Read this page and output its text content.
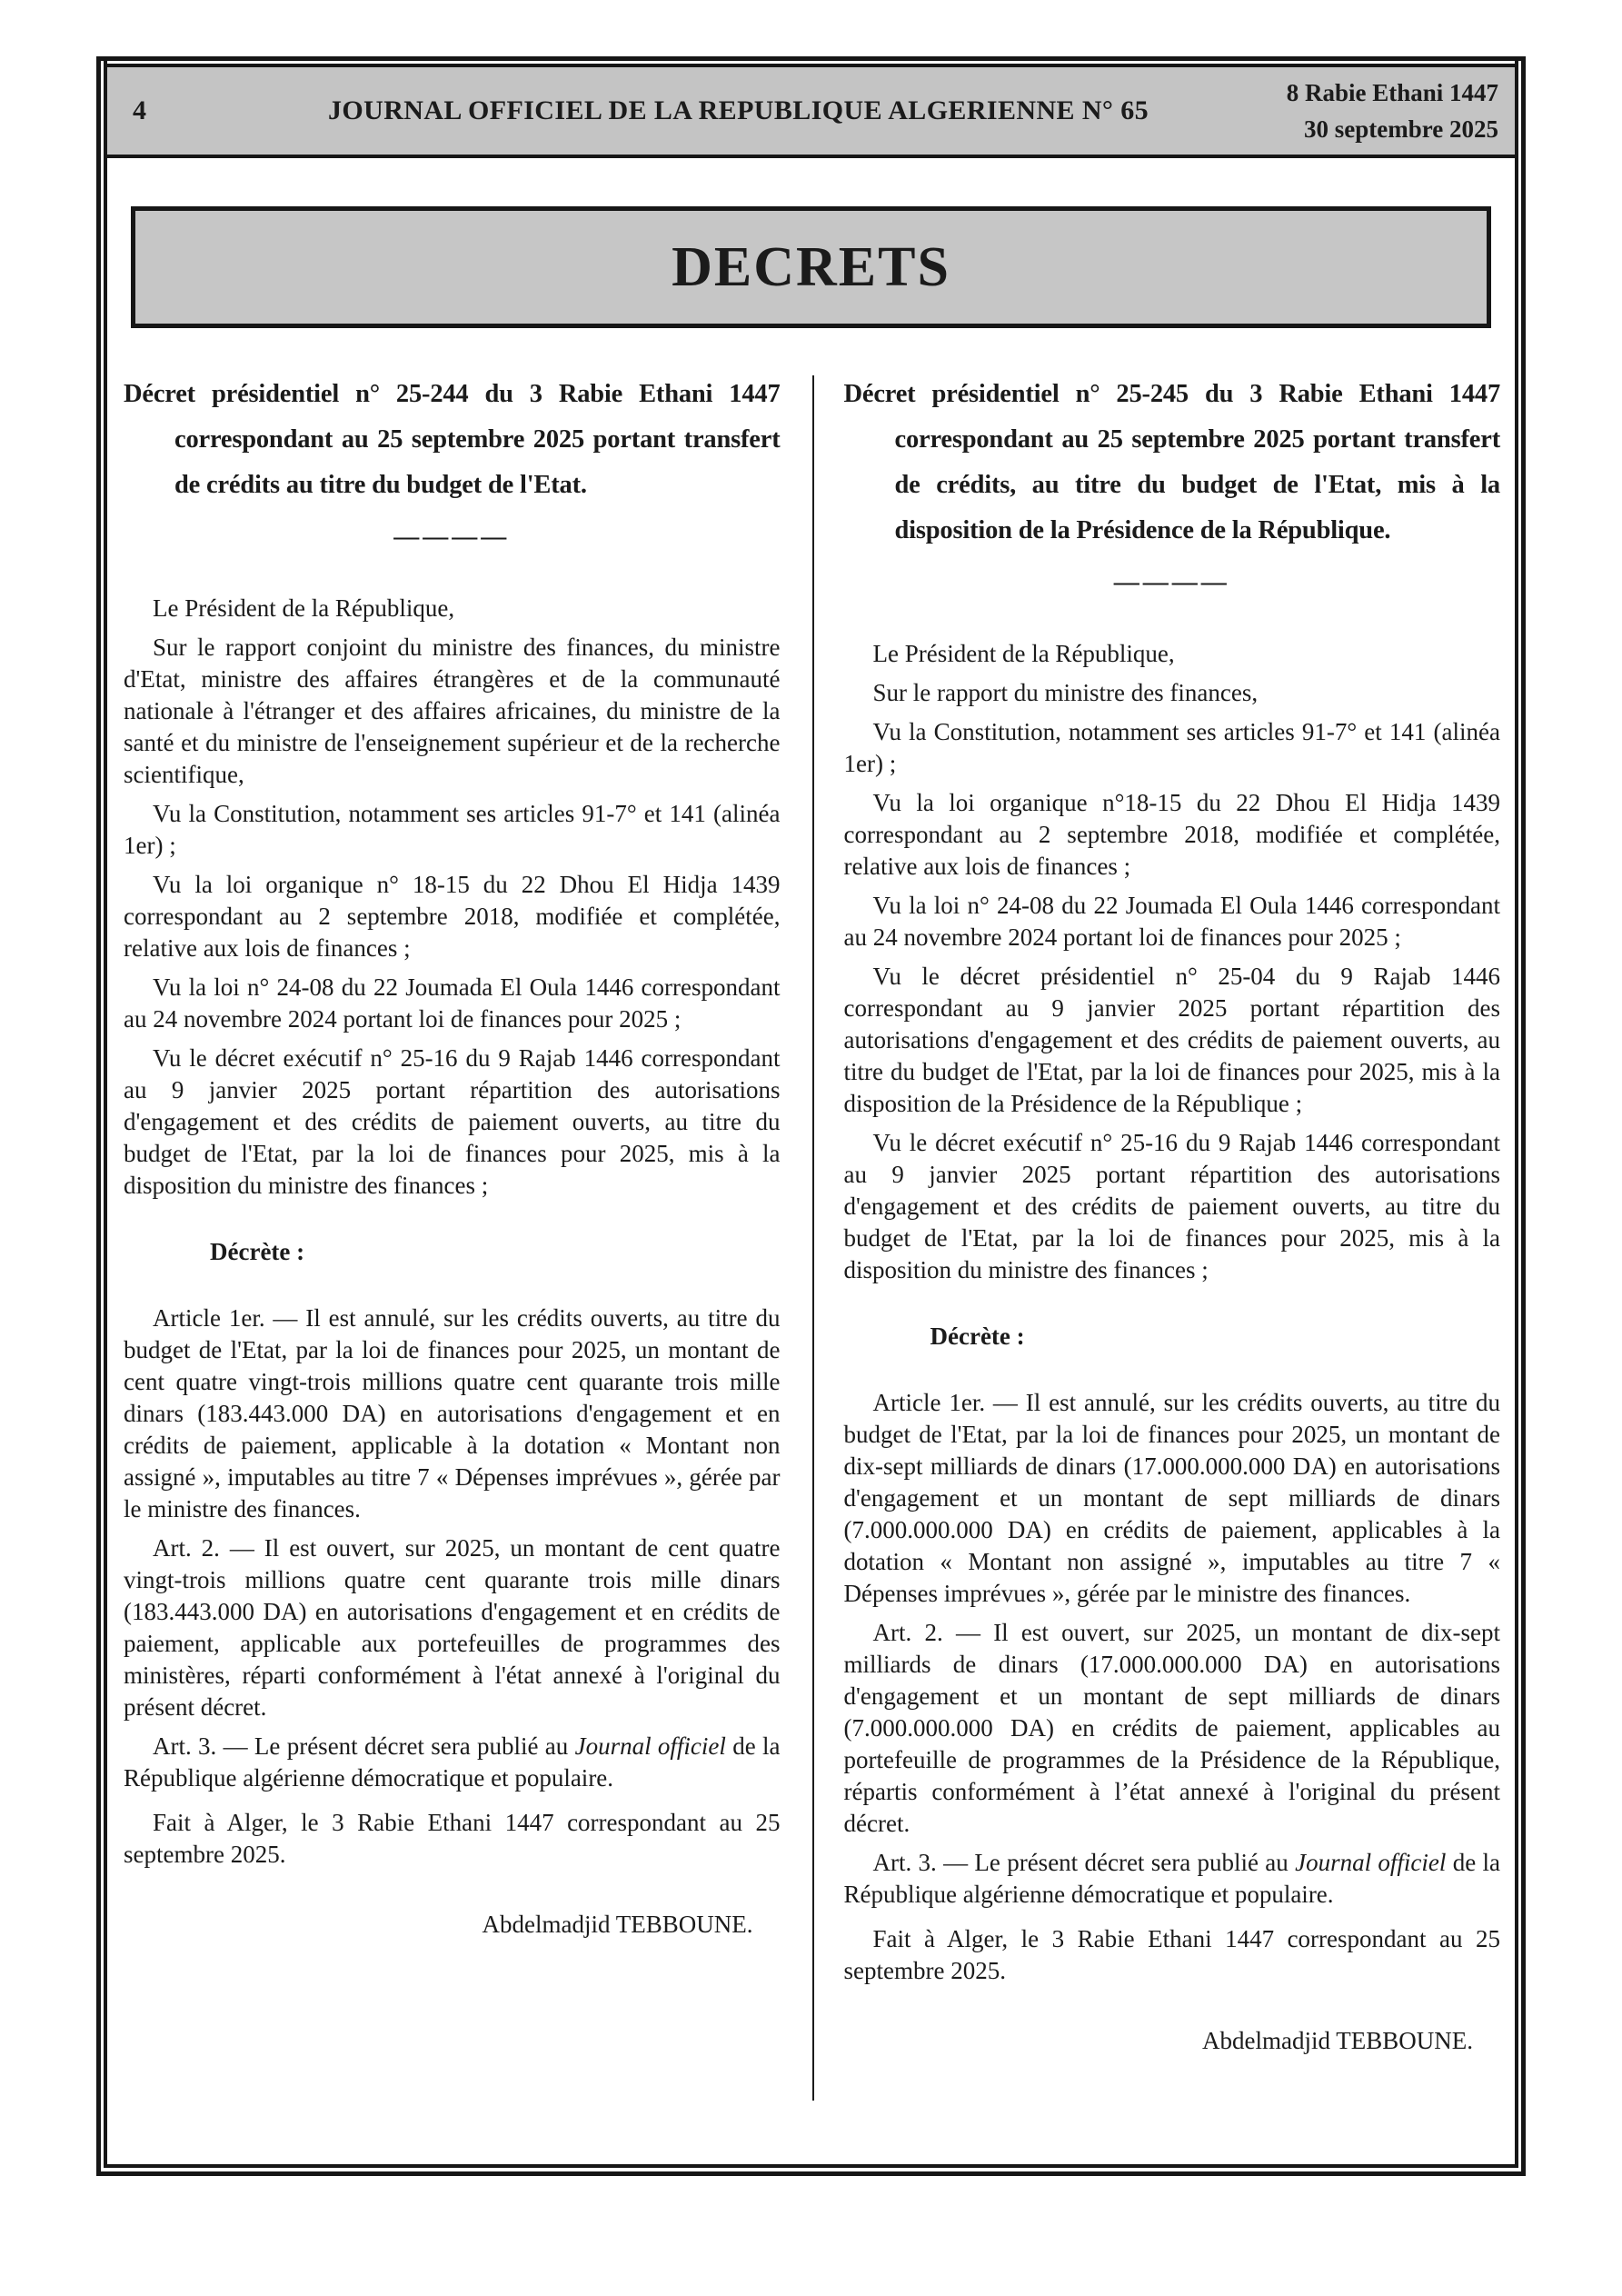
4	JOURNAL OFFICIEL DE LA REPUBLIQUE ALGERIENNE N° 65
8 Rabie Ethani 1447
30 septembre 2025
DECRETS
Décret présidentiel n° 25-244 du 3 Rabie Ethani 1447 correspondant au 25 septembre 2025 portant transfert de crédits au titre du budget de l'Etat.
————

Le Président de la République,

Sur le rapport conjoint du ministre des finances, du ministre d'Etat, ministre des affaires étrangères et de la communauté nationale à l'étranger et des affaires africaines, du ministre de la santé et du ministre de l'enseignement supérieur et de la recherche scientifique,

Vu la Constitution, notamment ses articles 91-7° et 141 (alinéa 1er) ;

Vu la loi organique n° 18-15 du 22 Dhou El Hidja 1439 correspondant au 2 septembre 2018, modifiée et complétée, relative aux lois de finances ;

Vu la loi n° 24-08 du 22 Joumada El Oula 1446 correspondant au 24 novembre 2024 portant loi de finances pour 2025 ;

Vu le décret exécutif n° 25-16 du 9 Rajab 1446 correspondant au 9 janvier 2025 portant répartition des autorisations d'engagement et des crédits de paiement ouverts, au titre du budget de l'Etat, par la loi de finances pour 2025, mis à la disposition du ministre des finances ;

Décrète :

Article 1er. — Il est annulé, sur les crédits ouverts, au titre du budget de l'Etat, par la loi de finances pour 2025, un montant de cent quatre vingt-trois millions quatre cent quarante trois mille dinars (183.443.000 DA) en autorisations d'engagement et en crédits de paiement, applicable à la dotation « Montant non assigné », imputables au titre 7 « Dépenses imprévues », gérée par le ministre des finances.

Art. 2. — Il est ouvert, sur 2025, un montant de cent quatre vingt-trois millions quatre cent quarante trois mille dinars (183.443.000 DA) en autorisations d'engagement et en crédits de paiement, applicable aux portefeuilles de programmes des ministères, réparti conformément à l'état annexé à l'original du présent décret.

Art. 3. — Le présent décret sera publié au Journal officiel de la République algérienne démocratique et populaire.

Fait à Alger, le 3 Rabie Ethani 1447 correspondant au 25 septembre 2025.

Abdelmadjid TEBBOUNE.

Décret présidentiel n° 25-245 du 3 Rabie Ethani 1447 correspondant au 25 septembre 2025 portant transfert de crédits, au titre du budget de l'Etat, mis à la disposition de la Présidence de la République.
————

Le Président de la République,

Sur le rapport du ministre des finances,

Vu la Constitution, notamment ses articles 91-7° et 141 (alinéa 1er) ;

Vu la loi organique n°18-15 du 22 Dhou El Hidja 1439 correspondant au 2 septembre 2018, modifiée et complétée, relative aux lois de finances ;

Vu la loi n° 24-08 du 22 Joumada El Oula 1446 correspondant au 24 novembre 2024 portant loi de finances pour 2025 ;

Vu le décret présidentiel n° 25-04 du 9 Rajab 1446 correspondant au 9 janvier 2025 portant répartition des autorisations d'engagement et des crédits de paiement ouverts, au titre du budget de l'Etat, par la loi de finances pour 2025, mis à la disposition de la Présidence de la République ;

Vu le décret exécutif n° 25-16 du 9 Rajab 1446 correspondant au 9 janvier 2025 portant répartition des autorisations d'engagement et des crédits de paiement ouverts, au titre du budget de l'Etat, par la loi de finances pour 2025, mis à la disposition du ministre des finances ;

Décrète :

Article 1er. — Il est annulé, sur les crédits ouverts, au titre du budget de l'Etat, par la loi de finances pour 2025, un montant de dix-sept milliards de dinars (17.000.000.000 DA) en autorisations d'engagement et un montant de sept milliards de dinars (7.000.000.000 DA) en crédits de paiement, applicables à la dotation « Montant non assigné », imputables au titre 7 « Dépenses imprévues », gérée par le ministre des finances.

Art. 2. — Il est ouvert, sur 2025, un montant de dix-sept milliards de dinars (17.000.000.000 DA) en autorisations d'engagement et un montant de sept milliards de dinars (7.000.000.000 DA) en crédits de paiement, applicables au portefeuille de programmes de la Présidence de la République, répartis conformément à l’état annexé à l'original du présent décret.

Art. 3. — Le présent décret sera publié au Journal officiel de la République algérienne démocratique et populaire.

Fait à Alger, le 3 Rabie Ethani 1447 correspondant au 25 septembre 2025.

Abdelmadjid TEBBOUNE.
